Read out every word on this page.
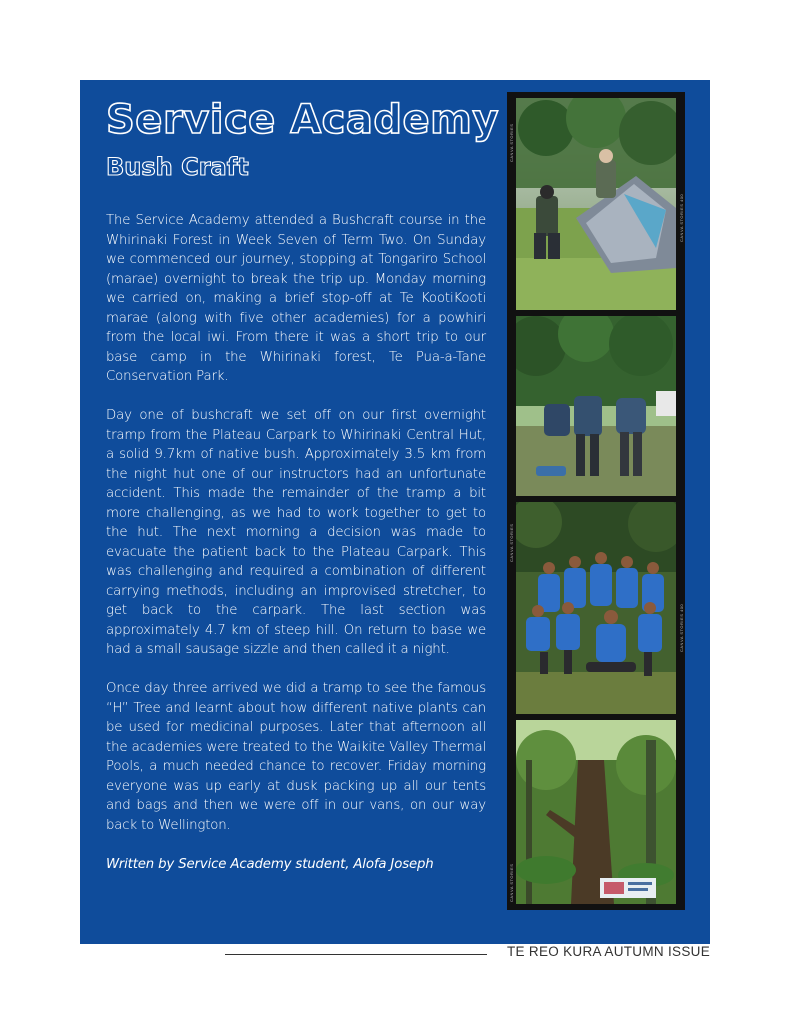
Service Academy
Bush Craft

The Service Academy attended a Bushcraft course in the Whirinaki Forest in Week Seven of Term Two. On Sunday we commenced our journey, stopping at Tongariro School (marae) overnight to break the trip up. Monday morning we carried on, making a brief stop-off at Te KootiKooti marae (along with five other academies) for a powhiri from the local iwi. From there it was a short trip to our base camp in the Whirinaki forest, Te Pua-a-Tane Conservation Park.

Day one of bushcraft we set off on our first overnight tramp from the Plateau Carpark to Whirinaki Central Hut, a solid 9.7km of native bush. Approximately 3.5 km from the night hut one of our instructors had an unfortunate accident. This made the remainder of the tramp a bit more challenging, as we had to work together to get to the hut. The next morning a decision was made to evacuate the patient back to the Plateau Carpark. This was challenging and required a combination of different carrying methods, including an improvised stretcher, to get back to the carpark. The last section was approximately 4.7 km of steep hill. On return to base we had a small sausage sizzle and then called it a night.

Once day three arrived we did a tramp to see the famous “H” Tree and learnt about how different native plants can be used for medicinal purposes. Later that afternoon all the academies were treated to the Waikite Valley Thermal Pools, a much needed chance to recover. Friday morning everyone was up early at dusk packing up all our tents and bags and then we were off in our vans, on our way back to Wellington.

Written by Service Academy student, Alofa Joseph

CANVA STORIES
CANVA STORIES 400
CANVA STORIES
CANVA STORIES 400
CANVA STORIES
TE REO KURA AUTUMN ISSUE
